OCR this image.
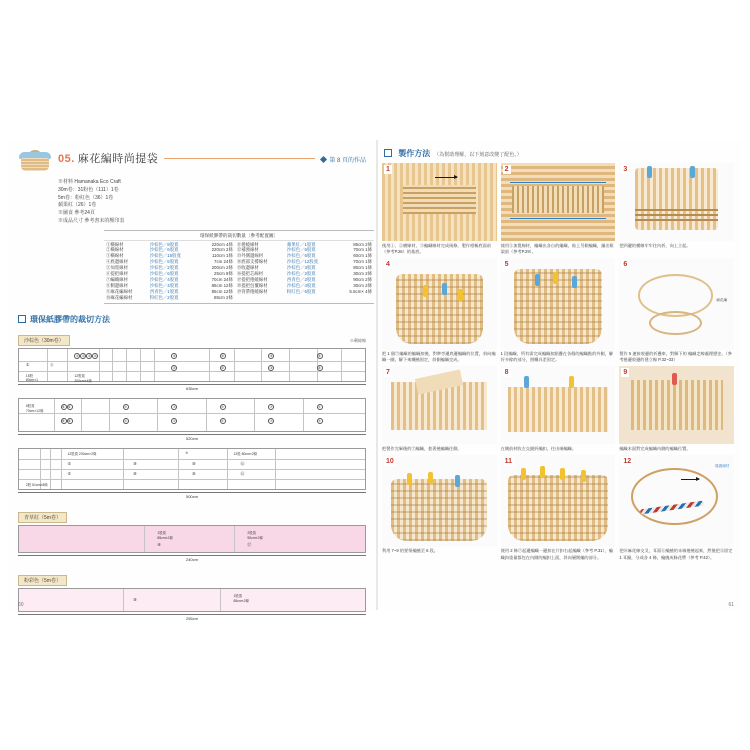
05. 麻花編時尚提袋	第 8 頁的作品
※材料 Hamanaka Eco Craft
30m卷：31粉色（111）1卷
5m卷：粉紅色（36）1卷
蘋果紅（26）1卷
※圖食 參考24頁
※成品尺寸 參考書末的壓印表
環保紙膠帶的裁切數量〔參考配置圖〕
①橫線材	沙棕色／8股寬	220cm 4條	⑪捲繞線材	蘋果紅／1股寬	85cm 2條
②橫線材	沙棕色／6股寬	220cm 2條	⑫補強線材	沙棕色／6股寬	70cm 1條
③橫線材	沙棕色／15股寬	110cm 1條	⑬外側邊線材	沙棕色／6股寬	60cm 1條
④底邊線材	沙棕色／6股寬	7cm 24條	⑭底部支撐線材	沙棕色／12股寬	70cm 1條
⑤加寬線材	沙棕色／2股寬	200cm 2條	⑮收邊線材	沙棕色／3股寬	80cm 1條
⑥提把線材	沙棕色／6股寬	25cm 8條	⑯提把芯線材	沙棕色／2股寬	30cm 2條
⑦編織線材	沙棕色／4股寬	70cm 24條	⑰提把捲繞線材	西青色／2股寬	90cm 2條
⑧側邊線材	沙棕色／4股寬	85cm 12條	⑱提把包覆線材	沙棕色／4股寬	30cm 2條
⑨麻花編線材	西青色／1股寬	85cm 12條	⑲背帶捲繞線材	粉紅色／6股寬	5.5cm× 4條
⑩麻花編線材	粉紅色／2股寬	85cm 2條			
環保紙膠帶的裁切方法
沙棕色（30m卷）	※剩餘線
①	⑮
① ① ① ①	②	③	③	③
②	③	③	③
12股寬
200cm×4條
15股
80cm×1
635cm
6股寬
70cm×12條
⑥ ⑥	⑦	⑦	⑦	⑦	⑦
⑥ ⑥	⑦	⑦	⑦	⑦	⑦
520cm
12股寬 200cm×2條	⑤	12股 80cm×2條
⑤	⑩	⑩	⑯
⑤	⑩	⑩	⑯
2股 51cm×8條
500cm
青草紅（5m卷）
1股寬
85cm×2條
2股寬
90cm×2條
⑨	⑰
240cm
粉彩色（5m卷）
⑩
1股寬
85cm×2條
255cm
60
製作方法 （為幫助理解，以下刻意改變了配色。）
1
使用①、②橫線材，③編織線材完成兩條，製作相稱底面前（參考P.26）的基底。
2
使用⑤加寬線材，編織出各自的編織，貼上另側編織，鋪出框架前（參考P.29）。
3
把四邊的橫線牢牢往內折，向上立起。
4
把 1 個⑦編織的編織扣繞，對準旁邊底邊編織的位置，斜向編織一圈，解下來纏繞固定，斜側編織完成。
5
1 段編織，所有需完成編織扣點疊在各個的編織點的外側，解好多餘的部分，照纏具差固定。
麻花編
6
製作 5 連接收邊的折疊車，對解下的 編織走線處理歷史。（參考捲邊收邊的建立線 P.32~33）
7
把製作完畢後的⑦編織，套著繞編織往側。
8
在側前材收左交錯折編扣，往出端編織。
9
編織木面對完成編織內側的編織位置。
10
利用 7~9 的要領編繞至 6 段。
11
使用 2 條⑦起邊編織一邊扣在片扣右起編織（參考 P.31），編織扣重量都包在內側的編扣上面，斜向層開編的部分。
捲繞線材
12
把⑩麻花線交叉、耳面⑪編繞的末端捲繞起來，然後把⑫固定 1 耳圈，分成各 4 條，編繞成條花帶（參考 P.42）。
61
